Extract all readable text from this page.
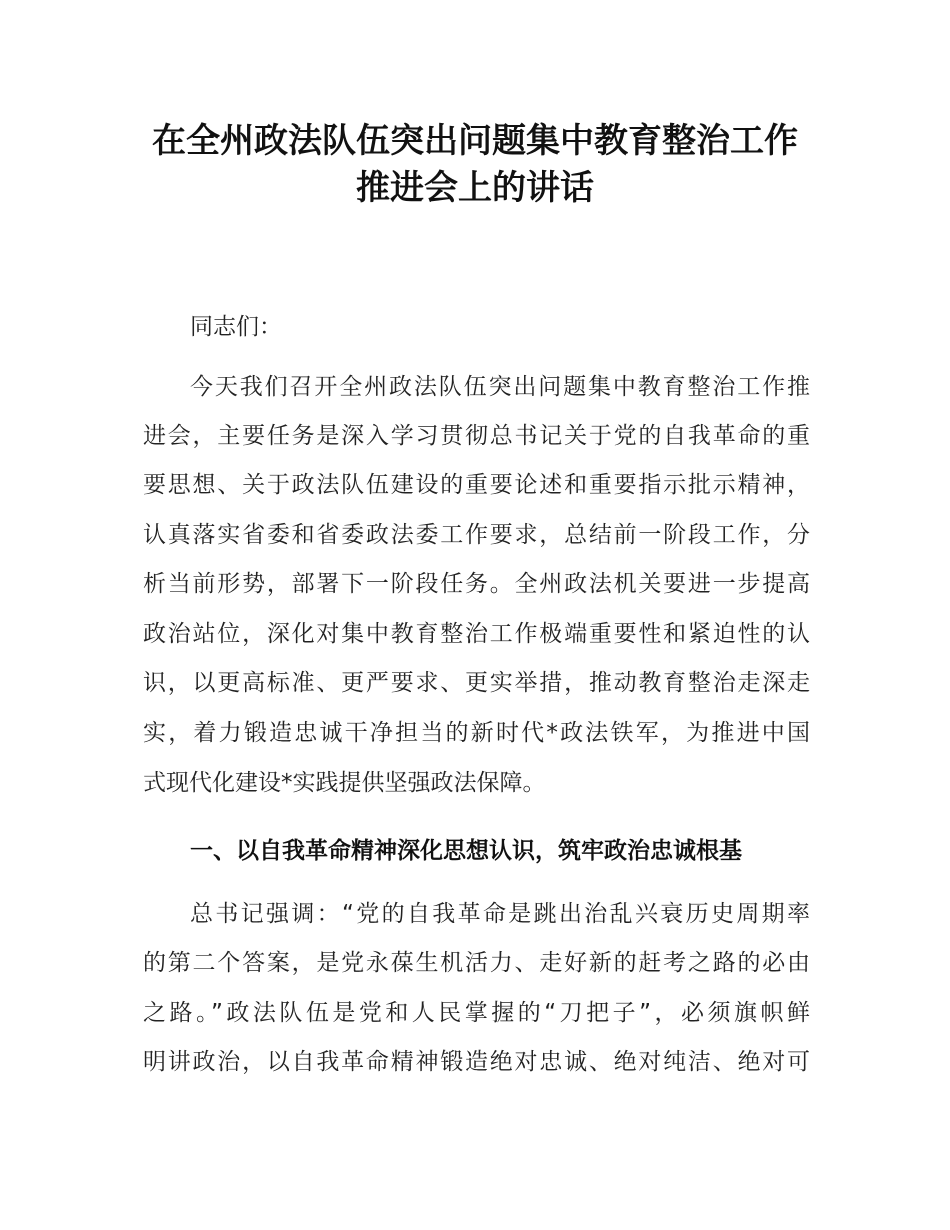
在全州政法队伍突出问题集中教育整治工作
推进会上的讲话
同志们：
今天我们召开全州政法队伍突出问题集中教育整治工作推
进会，主要任务是深入学习贯彻总书记关于党的自我革命的重
要思想、关于政法队伍建设的重要论述和重要指示批示精神，
认真落实省委和省委政法委工作要求，总结前一阶段工作，分
析当前形势，部署下一阶段任务。全州政法机关要进一步提高
政治站位，深化对集中教育整治工作极端重要性和紧迫性的认
识，以更高标准、更严要求、更实举措，推动教育整治走深走
实，着力锻造忠诚干净担当的新时代*政法铁军，为推进中国
式现代化建设*实践提供坚强政法保障。
一、以自我革命精神深化思想认识，筑牢政治忠诚根基
总书记强调：“党的自我革命是跳出治乱兴衰历史周期率
的第二个答案，是党永葆生机活力、走好新的赶考之路的必由
之路。”政法队伍是党和人民掌握的“刀把子”，必须旗帜鲜
明讲政治，以自我革命精神锻造绝对忠诚、绝对纯洁、绝对可
